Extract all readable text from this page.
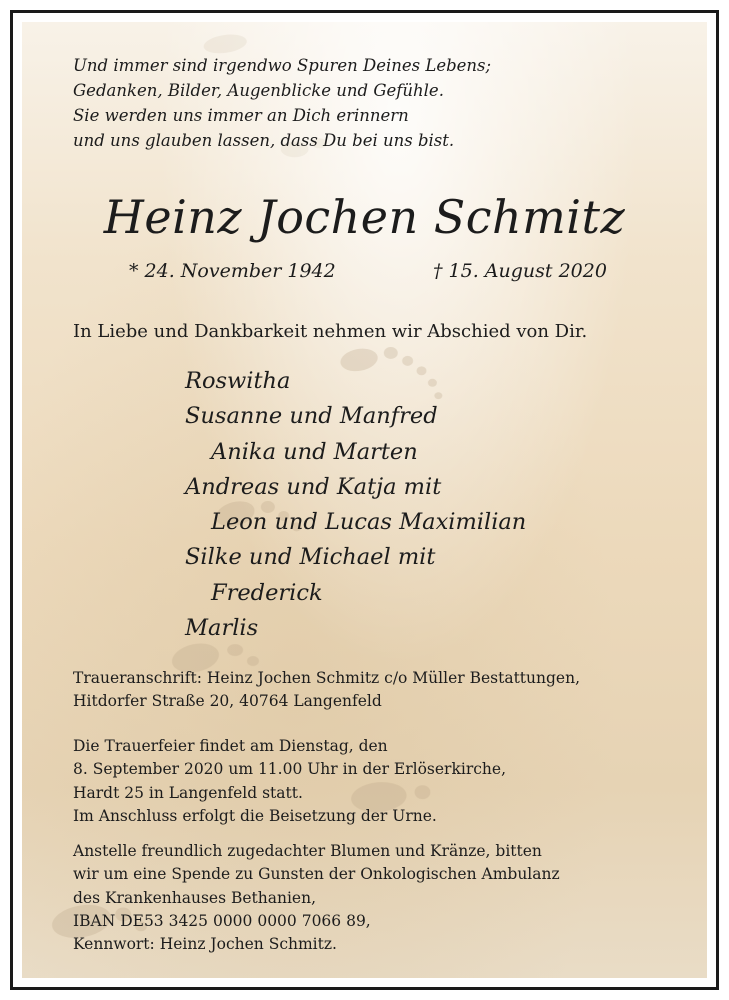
Und immer sind irgendwo Spuren Deines Lebens;
Gedanken, Bilder, Augenblicke und Gefühle.
Sie werden uns immer an Dich erinnern
und uns glauben lassen, dass Du bei uns bist.
Heinz Jochen Schmitz
* 24. November 1942	† 15. August 2020
In Liebe und Dankbarkeit nehmen wir Abschied von Dir.
Roswitha
Susanne und Manfred
Anika und Marten
Andreas und Katja mit
Leon und Lucas Maximilian
Silke und Michael mit
Frederick
Marlis
Traueranschrift: Heinz Jochen Schmitz c/o Müller Bestattungen,
Hitdorfer Straße 20, 40764 Langenfeld
Die Trauerfeier findet am Dienstag, den
8. September 2020 um 11.00 Uhr in der Erlöserkirche,
Hardt 25 in Langenfeld statt.
Im Anschluss erfolgt die Beisetzung der Urne.
Anstelle freundlich zugedachter Blumen und Kränze, bitten
wir um eine Spende zu Gunsten der Onkologischen Ambulanz
des Krankenhauses Bethanien,
IBAN DE53 3425 0000 0000 7066 89,
Kennwort: Heinz Jochen Schmitz.
